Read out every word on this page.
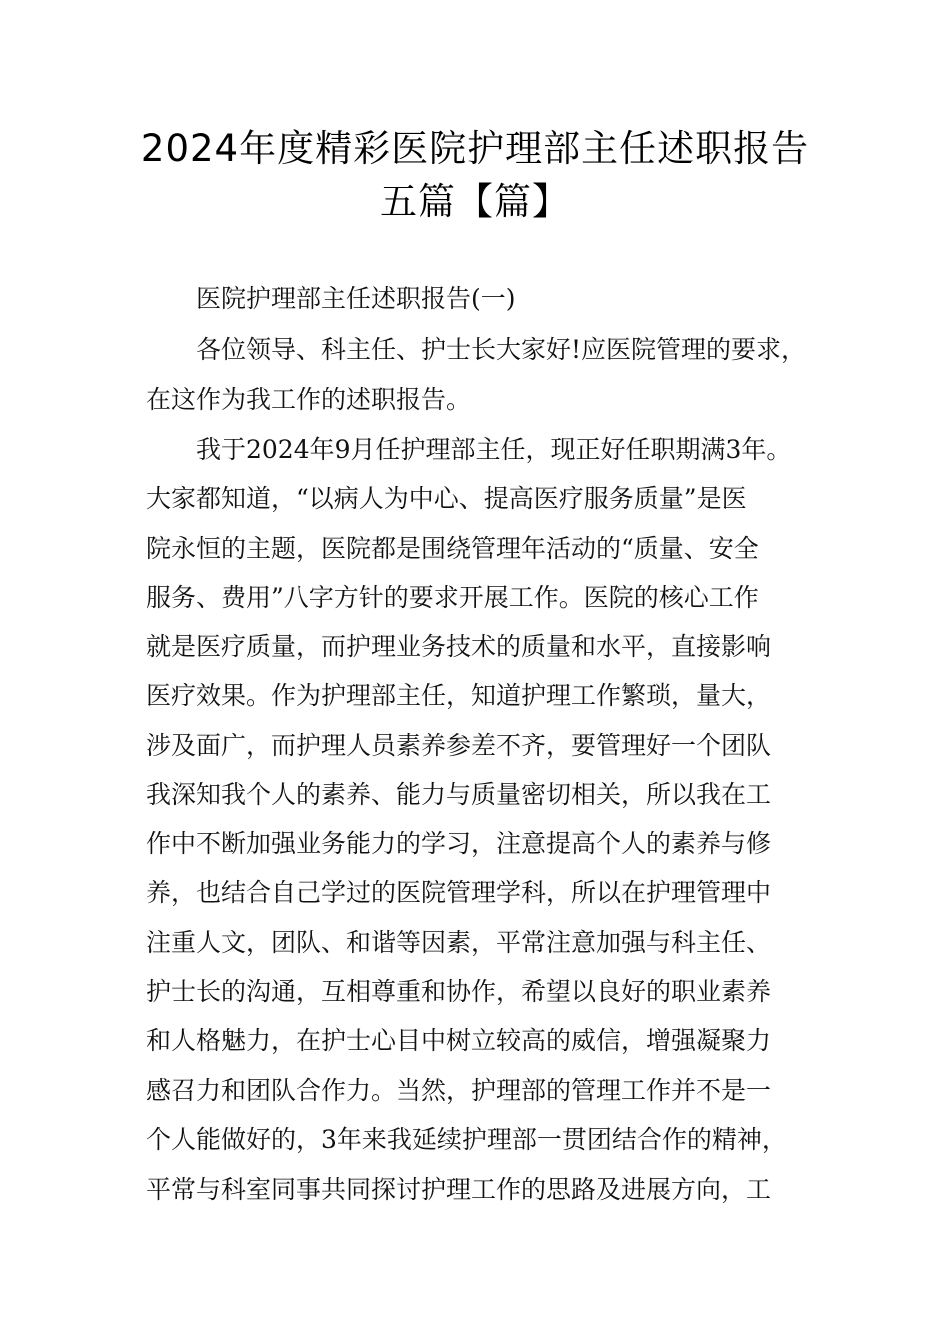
2024年度精彩医院护理部主任述职报告
五篇【篇】
医院护理部主任述职报告(一)
各位领导、科主任、护士长大家好!应医院管理的要求，
在这作为我工作的述职报告。
我于2024年9月任护理部主任，现正好任职期满3年。
大家都知道，“以病人为中心、提高医疗服务质量”是医
院永恒的主题，医院都是围绕管理年活动的“质量、安全
服务、费用”八字方针的要求开展工作。医院的核心工作
就是医疗质量，而护理业务技术的质量和水平，直接影响
医疗效果。作为护理部主任，知道护理工作繁琐，量大，
涉及面广，而护理人员素养参差不齐，要管理好一个团队
我深知我个人的素养、能力与质量密切相关，所以我在工
作中不断加强业务能力的学习，注意提高个人的素养与修
养，也结合自己学过的医院管理学科，所以在护理管理中
注重人文，团队、和谐等因素，平常注意加强与科主任、
护士长的沟通，互相尊重和协作，希望以良好的职业素养
和人格魅力，在护士心目中树立较高的威信，增强凝聚力
感召力和团队合作力。当然，护理部的管理工作并不是一
个人能做好的，3年来我延续护理部一贯团结合作的精神，
平常与科室同事共同探讨护理工作的思路及进展方向，工
